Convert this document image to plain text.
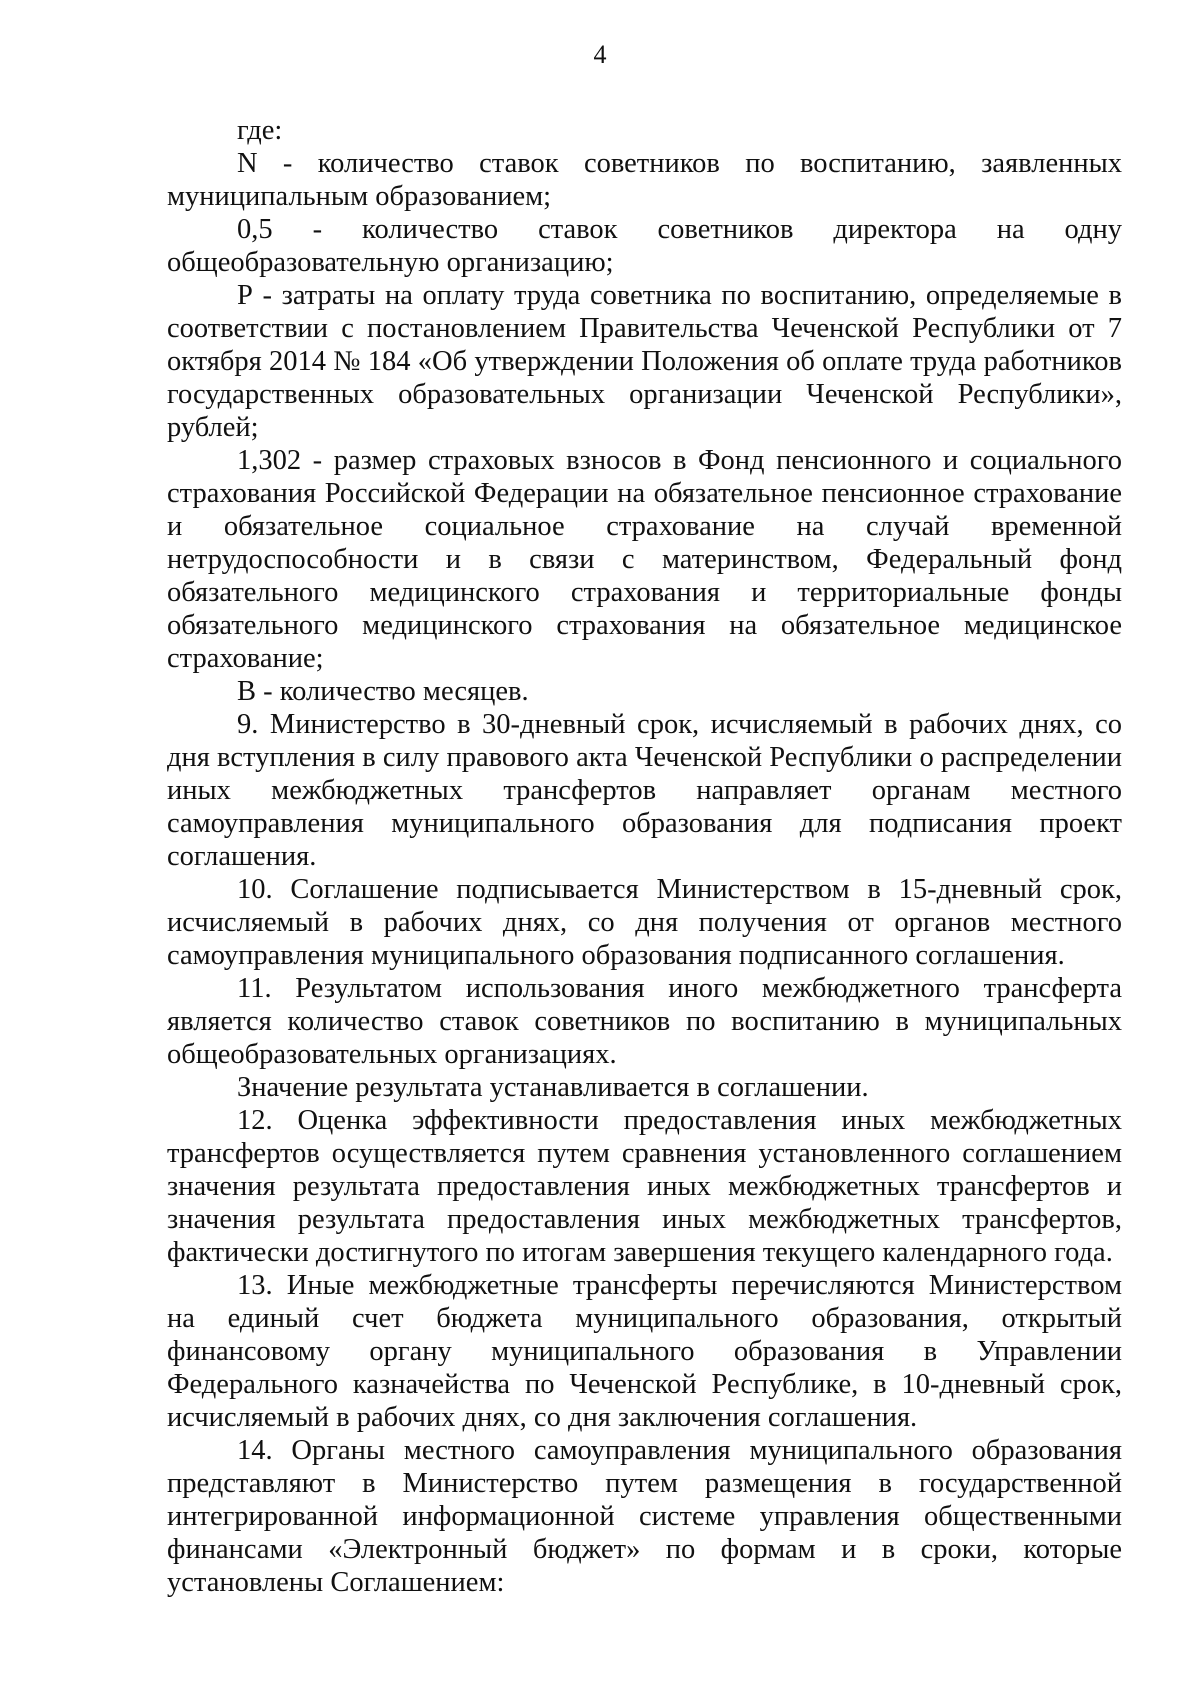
4

где:

N - количество ставок советников по воспитанию, заявленных муниципальным образованием;

0,5 - количество ставок советников директора на одну общеобразовательную организацию;

Р - затраты на оплату труда советника по воспитанию, определяемые в соответствии с постановлением Правительства Чеченской Республики от 7 октября 2014 № 184 «Об утверждении Положения об оплате труда работников государственных образовательных организации Чеченской Республики», рублей;

1,302 - размер страховых взносов в Фонд пенсионного и социального страхования Российской Федерации на обязательное пенсионное страхование и обязательное социальное страхование на случай временной нетрудоспособности и в связи с материнством, Федеральный фонд обязательного медицинского страхования и территориальные фонды обязательного медицинского страхования на обязательное медицинское страхование;

В - количество месяцев.

9. Министерство в 30-дневный срок, исчисляемый в рабочих днях, со дня вступления в силу правового акта Чеченской Республики о распределении иных межбюджетных трансфертов направляет органам местного самоуправления муниципального образования для подписания проект соглашения.

10. Соглашение подписывается Министерством в 15-дневный срок, исчисляемый в рабочих днях, со дня получения от органов местного самоуправления муниципального образования подписанного соглашения.

11. Результатом использования иного межбюджетного трансферта является количество ставок советников по воспитанию в муниципальных общеобразовательных организациях.

Значение результата устанавливается в соглашении.

12. Оценка эффективности предоставления иных межбюджетных трансфертов осуществляется путем сравнения установленного соглашением значения результата предоставления иных межбюджетных трансфертов и значения результата предоставления иных межбюджетных трансфертов, фактически достигнутого по итогам завершения текущего календарного года.

13. Иные межбюджетные трансферты перечисляются Министерством на единый счет бюджета муниципального образования, открытый финансовому органу муниципального образования в Управлении Федерального казначейства по Чеченской Республике, в 10-дневный срок, исчисляемый в рабочих днях, со дня заключения соглашения.

14. Органы местного самоуправления муниципального образования представляют в Министерство путем размещения в государственной интегрированной информационной системе управления общественными финансами «Электронный бюджет» по формам и в сроки, которые установлены Соглашением:
